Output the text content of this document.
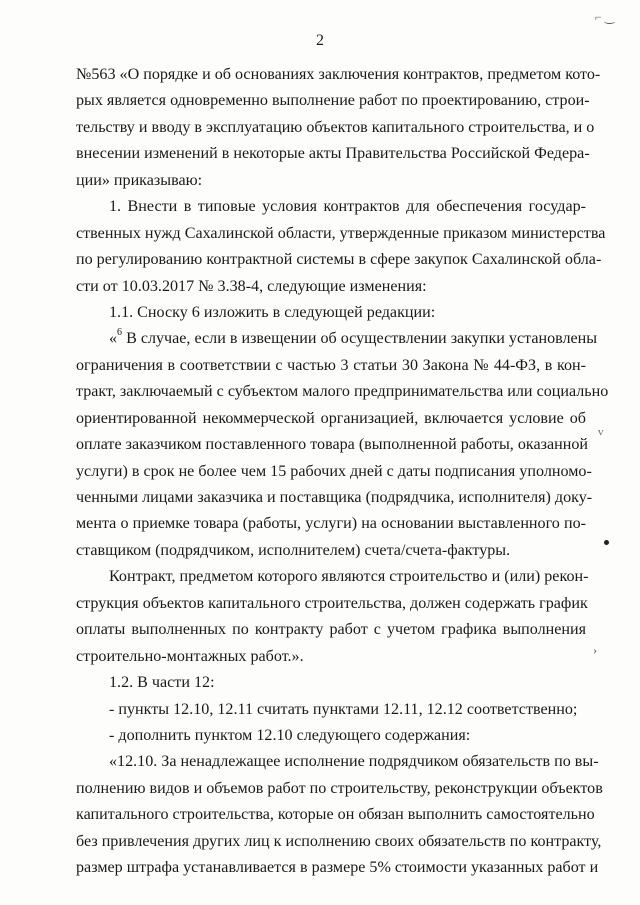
2
№563 «О порядке и об основаниях заключения контрактов, предметом кото-
рых является одновременно выполнение работ по проектированию, строи-
тельству и вводу в эксплуатацию объектов капитального строительства, и о
внесении изменений в некоторые акты Правительства Российской Федера-
ции» приказываю:
1. Внести в типовые условия контрактов для обеспечения государ-
ственных нужд Сахалинской области, утвержденные приказом министерства
по регулированию контрактной системы в сфере закупок Сахалинской обла-
сти от 10.03.2017 № 3.38-4, следующие изменения:
1.1. Сноску 6 изложить в следующей редакции:
«$^6$ В случае, если в извещении об осуществлении закупки установлены
ограничения в соответствии с частью 3 статьи 30 Закона № 44-ФЗ, в кон-
тракт, заключаемый с субъектом малого предпринимательства или социально
ориентированной некоммерческой организацией, включается условие об
оплате заказчиком поставленного товара (выполненной работы, оказанной
услуги) в срок не более чем 15 рабочих дней с даты подписания уполномо-
ченными лицами заказчика и поставщика (подрядчика, исполнителя) доку-
мента о приемке товара (работы, услуги) на основании выставленного по-
ставщиком (подрядчиком, исполнителем) счета/счета-фактуры.
Контракт, предметом которого являются строительство и (или) рекон-
струкция объектов капитального строительства, должен содержать график
оплаты выполненных по контракту работ с учетом графика выполнения
строительно-монтажных работ.».
1.2. В части 12:
- пункты 12.10, 12.11 считать пунктами 12.11, 12.12 соответственно;
- дополнить пунктом 12.10 следующего содержания:
«12.10. За ненадлежащее исполнение подрядчиком обязательств по вы-
полнению видов и объемов работ по строительству, реконструкции объектов
капитального строительства, которые он обязан выполнить самостоятельно
без привлечения других лиц к исполнению своих обязательств по контракту,
размер штрафа устанавливается в размере 5% стоимости указанных работ и
⌐ ‿
ⱽ
›
